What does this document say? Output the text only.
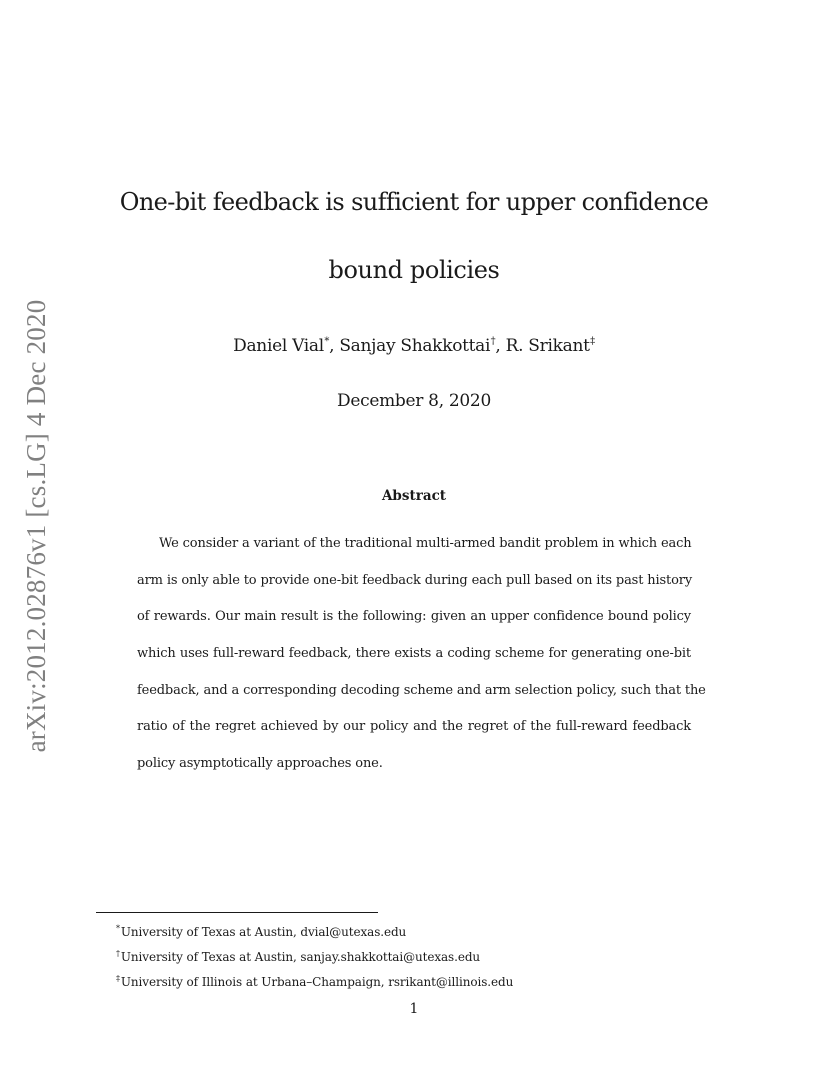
arXiv:2012.02876v1 [cs.LG] 4 Dec 2020
One-bit feedback is sufficient for upper confidence
bound policies
Daniel Vial*, Sanjay Shakkottai†, R. Srikant‡
December 8, 2020
Abstract
We consider a variant of the traditional multi-armed bandit problem in which each
arm is only able to provide one-bit feedback during each pull based on its past history
of rewards. Our main result is the following: given an upper confidence bound policy
which uses full-reward feedback, there exists a coding scheme for generating one-bit
feedback, and a corresponding decoding scheme and arm selection policy, such that the
ratio of the regret achieved by our policy and the regret of the full-reward feedback
policy asymptotically approaches one.
*University of Texas at Austin, dvial@utexas.edu
†University of Texas at Austin, sanjay.shakkottai@utexas.edu
‡University of Illinois at Urbana–Champaign, rsrikant@illinois.edu
1
